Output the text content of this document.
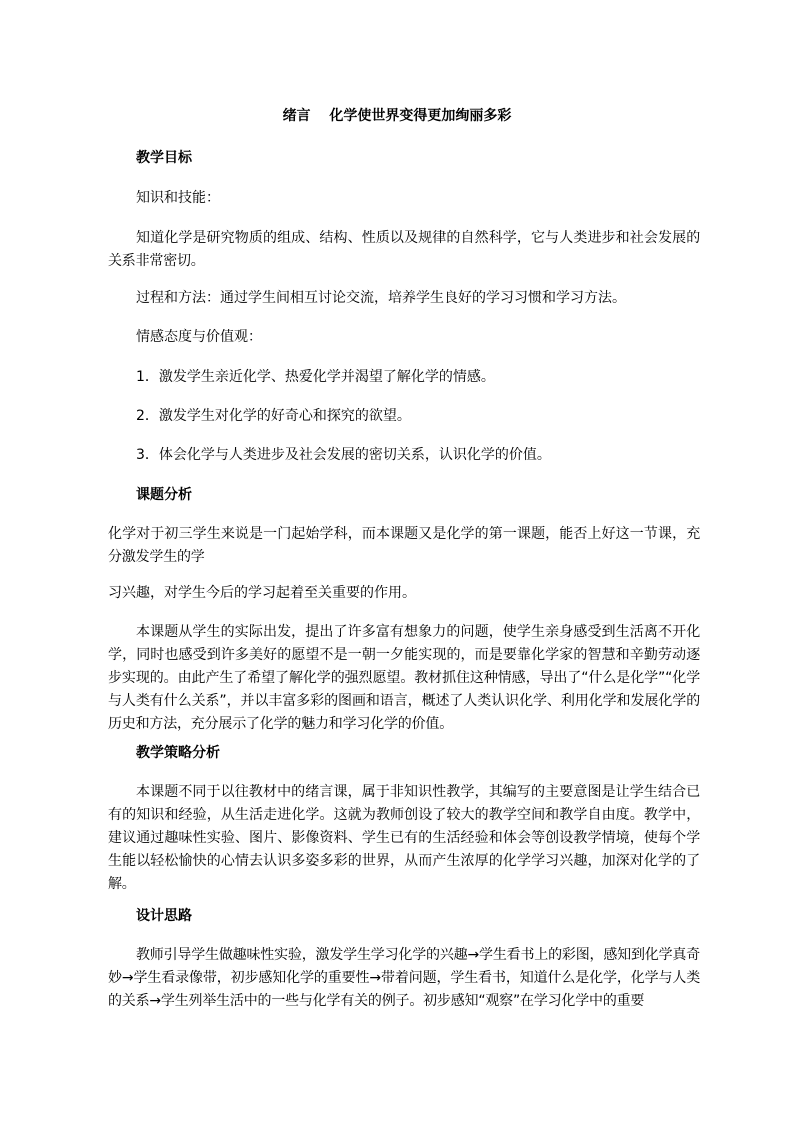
绪言　 化学使世界变得更加绚丽多彩
教学目标
知识和技能：
知道化学是研究物质的组成、结构、性质以及规律的自然科学，它与人类进步和社会发展的关系非常密切。
过程和方法：通过学生间相互讨论交流，培养学生良好的学习习惯和学习方法。
情感态度与价值观：
1．激发学生亲近化学、热爱化学并渴望了解化学的情感。
2．激发学生对化学的好奇心和探究的欲望。
3．体会化学与人类进步及社会发展的密切关系，认识化学的价值。
课题分析
化学对于初三学生来说是一门起始学科，而本课题又是化学的第一课题，能否上好这一节课，充分激发学生的学
习兴趣，对学生今后的学习起着至关重要的作用。
本课题从学生的实际出发，提出了许多富有想象力的问题，使学生亲身感受到生活离不开化学，同时也感受到许多美好的愿望不是一朝一夕能实现的，而是要靠化学家的智慧和辛勤劳动逐步实现的。由此产生了希望了解化学的强烈愿望。教材抓住这种情感，导出了“什么是化学”“化学与人类有什么关系”，并以丰富多彩的图画和语言，概述了人类认识化学、利用化学和发展化学的历史和方法，充分展示了化学的魅力和学习化学的价值。
教学策略分析
本课题不同于以往教材中的绪言课，属于非知识性教学，其编写的主要意图是让学生结合已有的知识和经验，从生活走进化学。这就为教师创设了较大的教学空间和教学自由度。教学中，建议通过趣味性实验、图片、影像资料、学生已有的生活经验和体会等创设教学情境，使每个学生能以轻松愉快的心情去认识多姿多彩的世界，从而产生浓厚的化学学习兴趣，加深对化学的了解。
设计思路
教师引导学生做趣味性实验，激发学生学习化学的兴趣→学生看书上的彩图，感知到化学真奇妙→学生看录像带，初步感知化学的重要性→带着问题，学生看书，知道什么是化学，化学与人类的关系→学生列举生活中的一些与化学有关的例子。初步感知“观察”在学习化学中的重要
